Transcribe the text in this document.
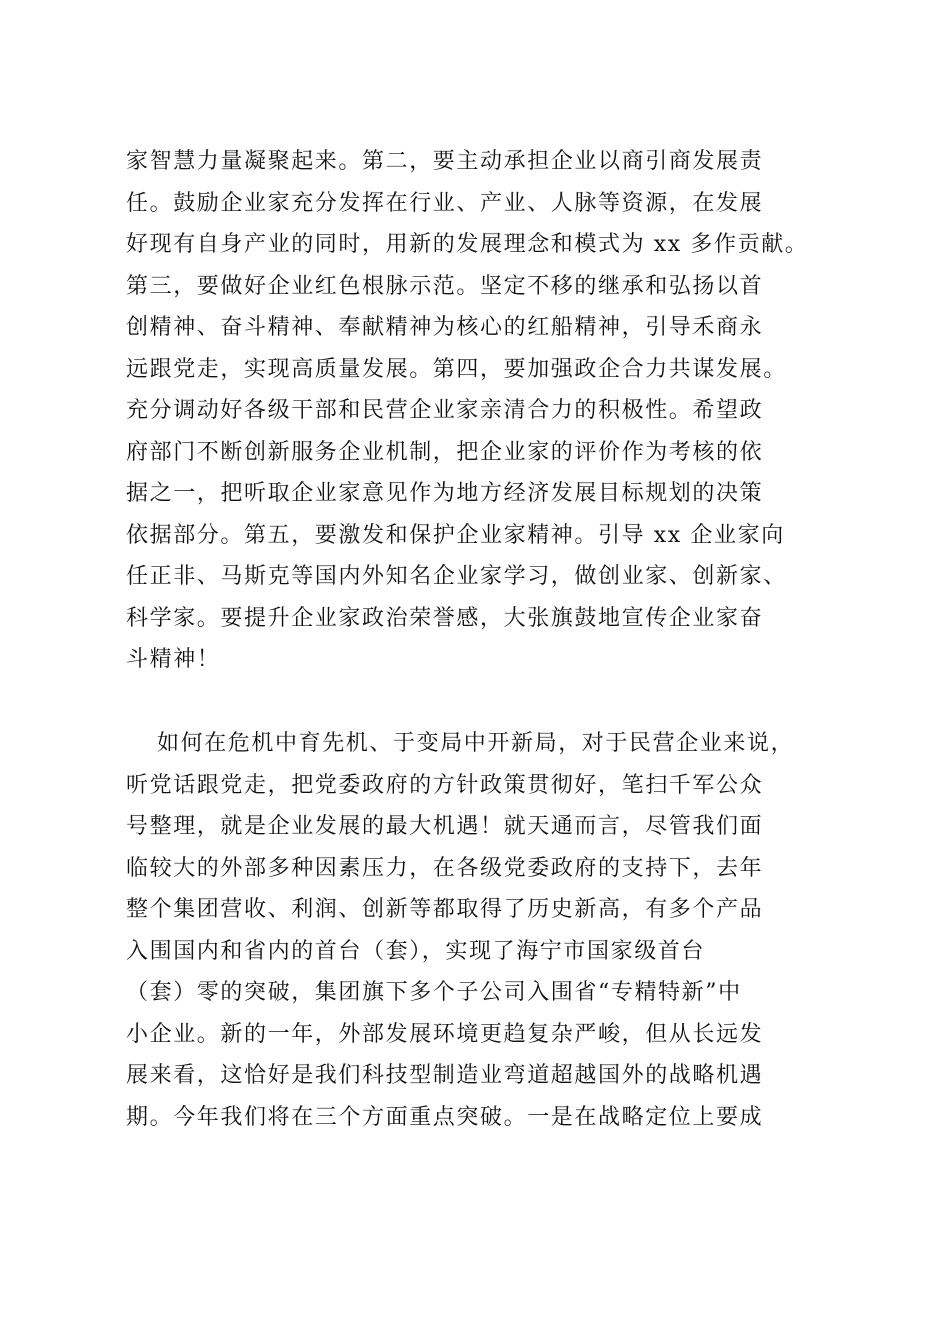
家智慧力量凝聚起来。第二，要主动承担企业以商引商发展责
任。鼓励企业家充分发挥在行业、产业、人脉等资源，在发展
好现有自身产业的同时，用新的发展理念和模式为 xx 多作贡献。
第三，要做好企业红色根脉示范。坚定不移的继承和弘扬以首
创精神、奋斗精神、奉献精神为核心的红船精神，引导禾商永
远跟党走，实现高质量发展。第四，要加强政企合力共谋发展。
充分调动好各级干部和民营企业家亲清合力的积极性。希望政
府部门不断创新服务企业机制，把企业家的评价作为考核的依
据之一，把听取企业家意见作为地方经济发展目标规划的决策
依据部分。第五，要激发和保护企业家精神。引导 xx 企业家向
任正非、马斯克等国内外知名企业家学习，做创业家、创新家、
科学家。要提升企业家政治荣誉感，大张旗鼓地宣传企业家奋
斗精神！
如何在危机中育先机、于变局中开新局，对于民营企业来说，
听党话跟党走，把党委政府的方针政策贯彻好，笔扫千军公众
号整理，就是企业发展的最大机遇！就天通而言，尽管我们面
临较大的外部多种因素压力，在各级党委政府的支持下，去年
整个集团营收、利润、创新等都取得了历史新高，有多个产品
入围国内和省内的首台（套），实现了海宁市国家级首台
（套）零的突破，集团旗下多个子公司入围省“专精特新”中
小企业。新的一年，外部发展环境更趋复杂严峻，但从长远发
展来看，这恰好是我们科技型制造业弯道超越国外的战略机遇
期。今年我们将在三个方面重点突破。一是在战略定位上要成
